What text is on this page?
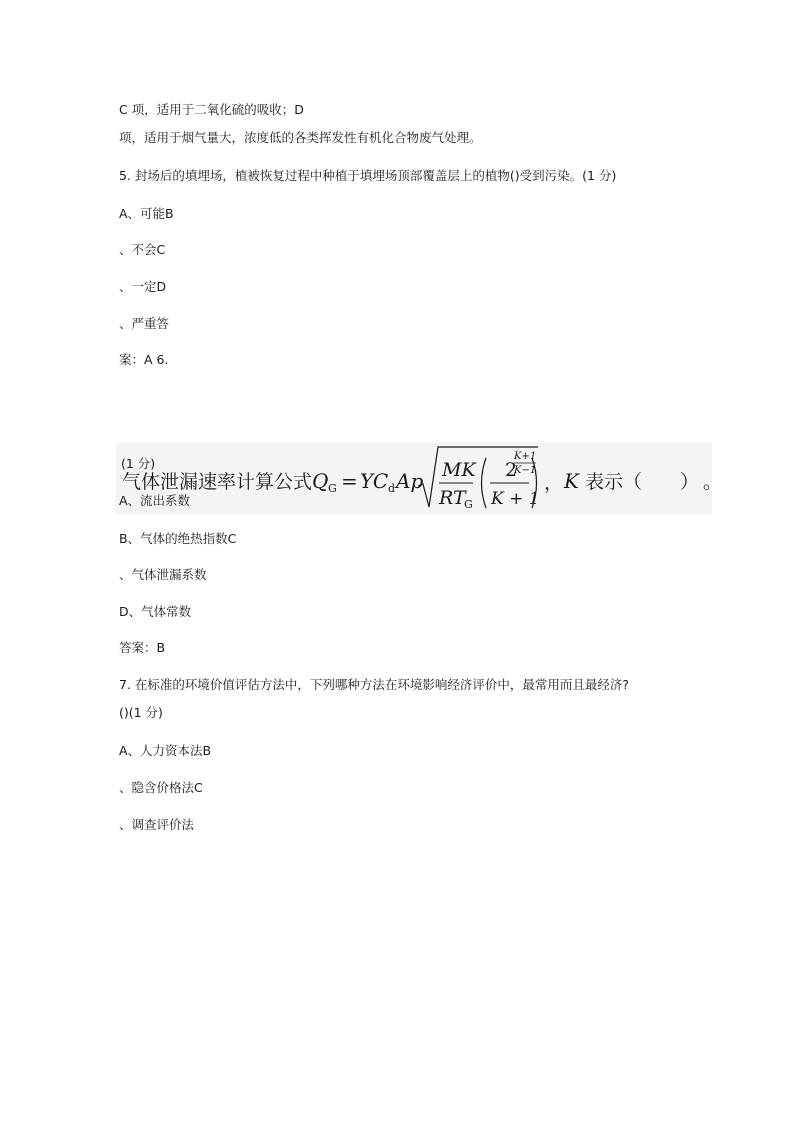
C 项，适用于二氧化硫的吸收；D
项，适用于烟气量大，浓度低的各类挥发性有机化合物废气处理。
5. 封场后的填埋场，植被恢复过程中种植于填埋场顶部覆盖层上的植物()受到污染。(1 分)
A、可能B
、不会C
、一定D
、严重答
案：A 6.
气体泄漏速率计算公式 Q G = YC d Ap MK
RT
G
2
K + 1
K+1
K−1
， K 表示（　　） 。
(1 分)
A、流出系数
B、气体的绝热指数C
、气体泄漏系数
D、气体常数
答案：B
7. 在标准的环境价值评估方法中，下列哪种方法在环境影响经济评价中，最常用而且最经济?
()(1 分)
A、人力资本法B
、隐含价格法C
、调查评价法
